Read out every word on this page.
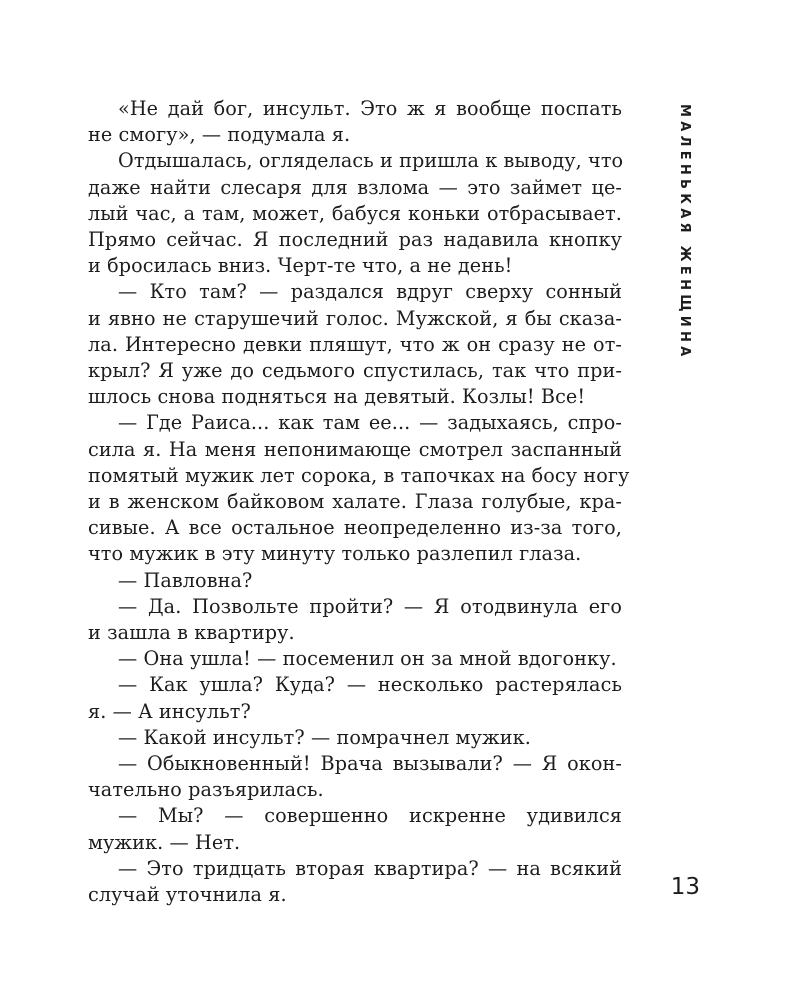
«Не дай бог, инсульт. Это ж я вообще поспать
не смогу», — подумала я.
Отдышалась, огляделась и пришла к выводу, что
даже найти слесаря для взлома — это займет це-
лый час, а там, может, бабуся коньки отбрасывает.
Прямо сейчас. Я последний раз надавила кнопку
и бросилась вниз. Черт-те что, а не день!
— Кто там? — раздался вдруг сверху сонный
и явно не старушечий голос. Мужской, я бы сказа-
ла. Интересно девки пляшут, что ж он сразу не от-
крыл? Я уже до седьмого спустилась, так что при-
шлось снова подняться на девятый. Козлы! Все!
— Где Раиса... как там ее... — задыхаясь, спро-
сила я. На меня непонимающе смотрел заспанный
помятый мужик лет сорока, в тапочках на босу ногу
и в женском байковом халате. Глаза голубые, кра-
сивые. А все остальное неопределенно из-за того,
что мужик в эту минуту только разлепил глаза.
— Павловна?
— Да. Позвольте пройти? — Я отодвинула его
и зашла в квартиру.
— Она ушла! — посеменил он за мной вдогонку.
— Как ушла? Куда? — несколько растерялась
я. — А инсульт?
— Какой инсульт? — помрачнел мужик.
— Обыкновенный! Врача вызывали? — Я окон-
чательно разъярилась.
— Мы? — совершенно искренне удивился
мужик. — Нет.
— Это тридцать вторая квартира? — на всякий
случай уточнила я.
МАЛЕНЬКАЯ ЖЕНЩИНА
13
